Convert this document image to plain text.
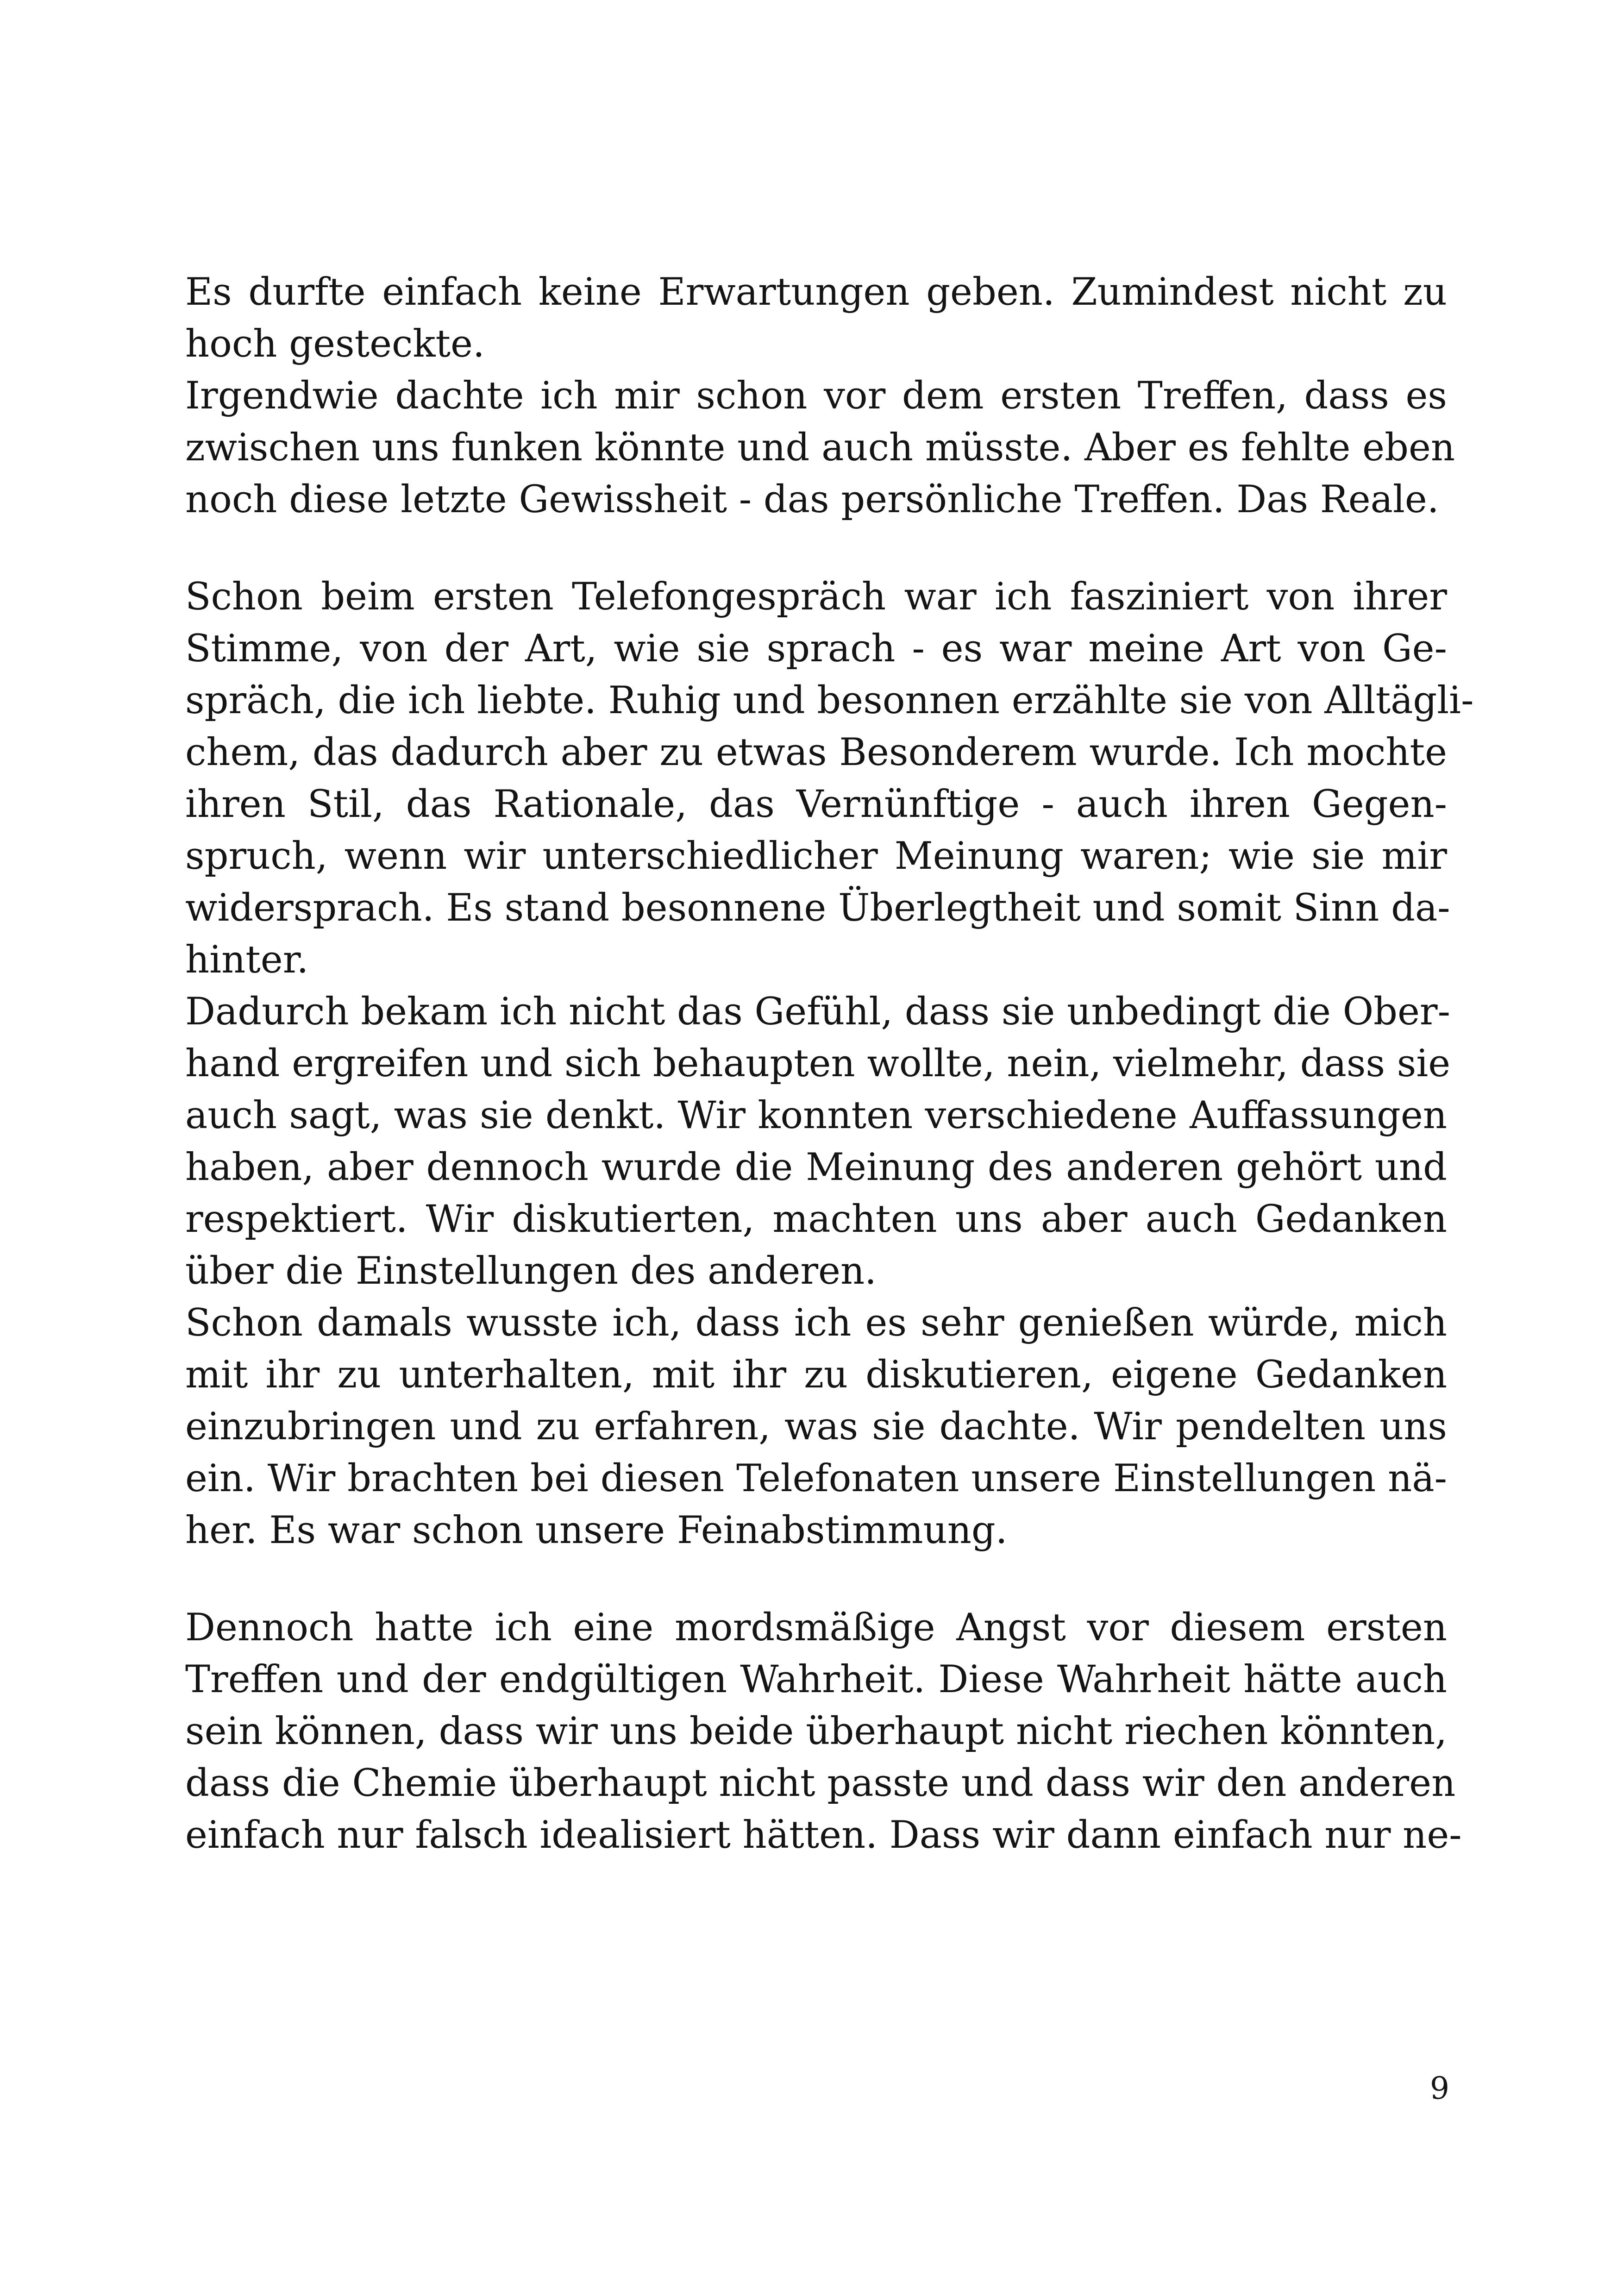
Es durfte einfach keine Erwartungen geben. Zumindest nicht zu
hoch gesteckte.
Irgendwie dachte ich mir schon vor dem ersten Treffen, dass es
zwischen uns funken könnte und auch müsste. Aber es fehlte eben
noch diese letzte Gewissheit - das persönliche Treffen. Das Reale.
Schon beim ersten Telefongespräch war ich fasziniert von ihrer
Stimme, von der Art, wie sie sprach - es war meine Art von Ge-
spräch, die ich liebte. Ruhig und besonnen erzählte sie von Alltägli-
chem, das dadurch aber zu etwas Besonderem wurde. Ich mochte
ihren Stil, das Rationale, das Vernünftige - auch ihren Gegen-
spruch, wenn wir unterschiedlicher Meinung waren; wie sie mir
widersprach. Es stand besonnene Überlegtheit und somit Sinn da-
hinter.
Dadurch bekam ich nicht das Gefühl, dass sie unbedingt die Ober-
hand ergreifen und sich behaupten wollte, nein, vielmehr, dass sie
auch sagt, was sie denkt. Wir konnten verschiedene Auffassungen
haben, aber dennoch wurde die Meinung des anderen gehört und
respektiert. Wir diskutierten, machten uns aber auch Gedanken
über die Einstellungen des anderen.
Schon damals wusste ich, dass ich es sehr genießen würde, mich
mit ihr zu unterhalten, mit ihr zu diskutieren, eigene Gedanken
einzubringen und zu erfahren, was sie dachte. Wir pendelten uns
ein. Wir brachten bei diesen Telefonaten unsere Einstellungen nä-
her. Es war schon unsere Feinabstimmung.
Dennoch hatte ich eine mordsmäßige Angst vor diesem ersten
Treffen und der endgültigen Wahrheit. Diese Wahrheit hätte auch
sein können, dass wir uns beide überhaupt nicht riechen könnten,
dass die Chemie überhaupt nicht passte und dass wir den anderen
einfach nur falsch idealisiert hätten. Dass wir dann einfach nur ne-
9
